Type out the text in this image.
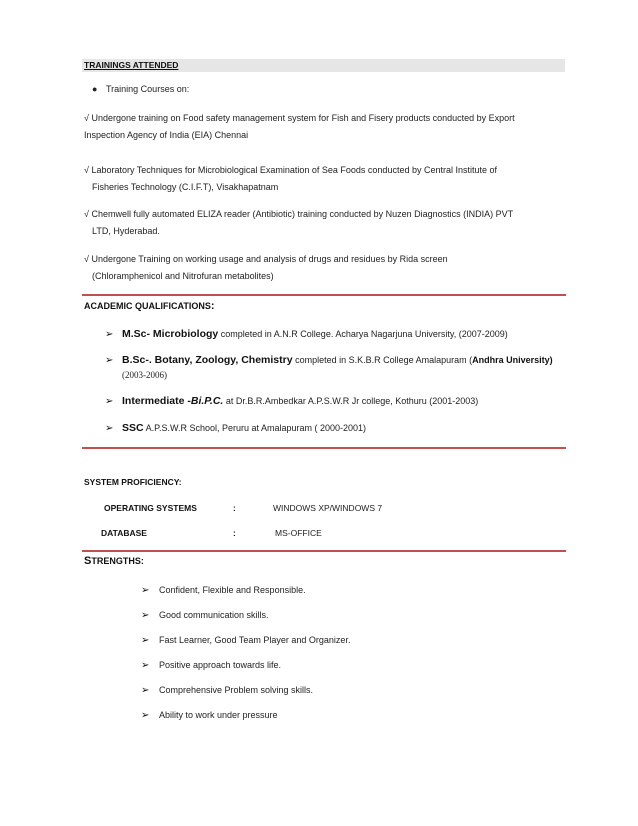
TRAININGS ATTENDED
● Training Courses on:
√ Undergone training on Food safety management system for Fish and Fisery products conducted by Export
Inspection Agency of India (EIA) Chennai
√ Laboratory Techniques for Microbiological Examination of Sea Foods conducted by Central Institute of
Fisheries Technology (C.I.F.T), Visakhapatnam
√ Chemwell fully automated ELIZA reader (Antibiotic) training conducted by Nuzen Diagnostics (INDIA) PVT
LTD, Hyderabad.
√ Undergone Training on working usage and analysis of drugs and residues by Rida screen
(Chloramphenicol and Nitrofuran metabolites)
ACADEMIC QUALIFICATIONS:
➢ M.Sc- Microbiology completed in A.N.R College. Acharya Nagarjuna University, (2007-2009)
➢ B.Sc-. Botany, Zoology, Chemistry completed in S.K.B.R College Amalapuram (Andhra University)
(2003-2006)
➢ Intermediate -Bi.P.C. at Dr.B.R.Ambedkar A.P.S.W.R Jr college, Kothuru (2001-2003)
➢ SSC A.P.S.W.R School, Peruru at Amalapuram ( 2000-2001)
SYSTEM PROFICIENCY:
OPERATING SYSTEMS	:	WINDOWS XP/WINDOWS 7
DATABASE	:	MS-OFFICE
STRENGTHS:
➢ Confident, Flexible and Responsible.
➢ Good communication skills.
➢ Fast Learner, Good Team Player and Organizer.
➢ Positive approach towards life.
➢ Comprehensive Problem solving skills.
➢ Ability to work under pressure
